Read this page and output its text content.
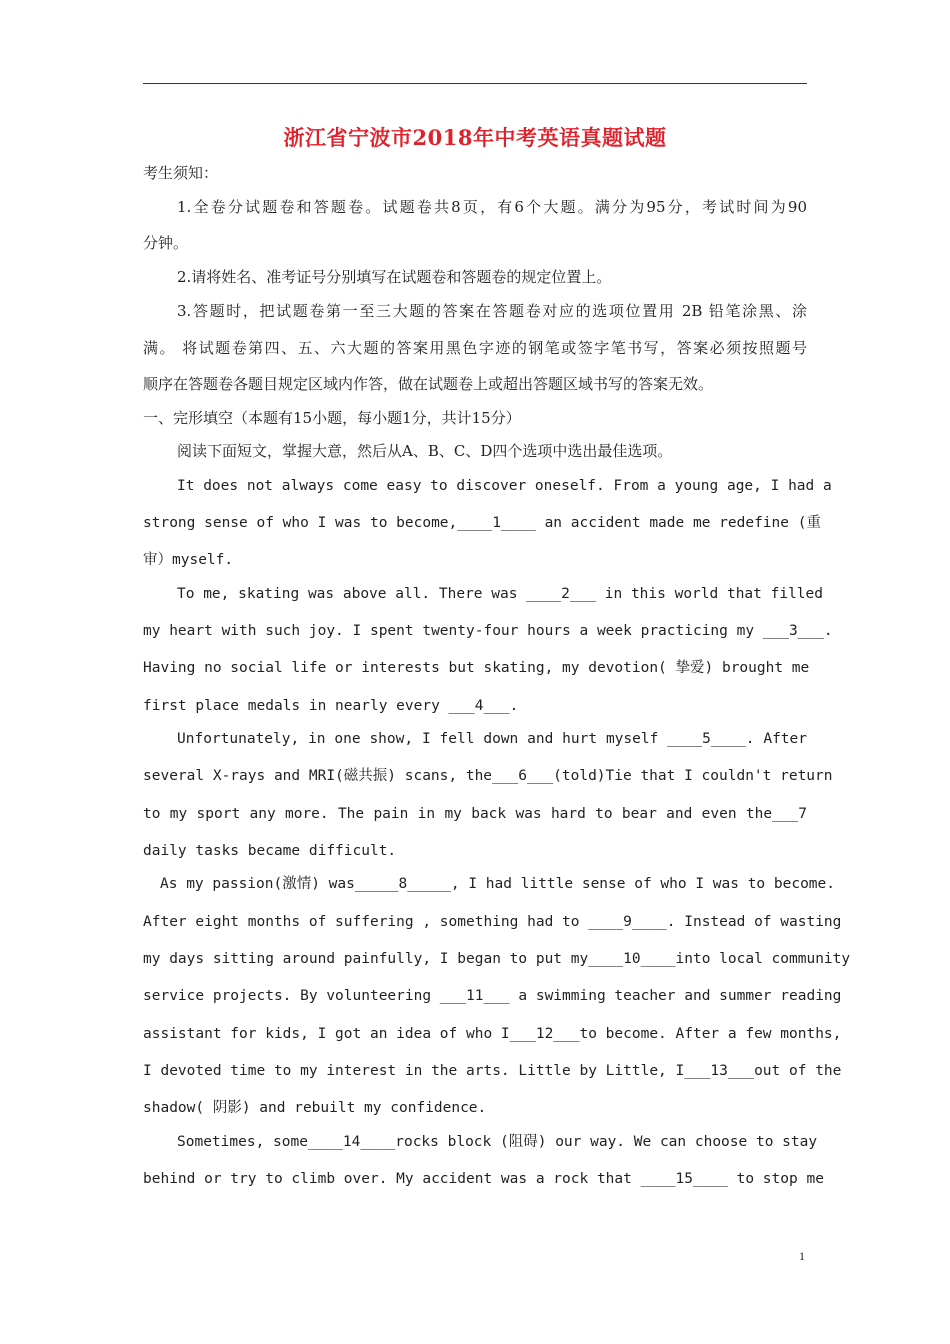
浙江省宁波市2018年中考英语真题试题
考生须知：
1.全卷分试题卷和答题卷。试题卷共8页，有6个大题。满分为95分，考试时间为90
分钟。
2.请将姓名、准考证号分别填写在试题卷和答题卷的规定位置上。
3.答题时，把试题卷第一至三大题的答案在答题卷对应的选项位置用 2B 铅笔涂黑、涂
满。 将试题卷第四、五、六大题的答案用黑色字迹的钢笔或签字笔书写，答案必须按照题号
顺序在答题卷各题目规定区域内作答，做在试题卷上或超出答题区域书写的答案无效。
一、完形填空（本题有15小题，每小题1分，共计15分）
阅读下面短文，掌握大意，然后从A、B、C、D四个选项中选出最佳选项。
It does not always come easy to discover oneself. From a young age, I had a
strong sense of who I was to become,____1____ an accident made me redefine (重
审）myself.
To me, skating was above all. There was ____2___ in this world that filled
my heart with such joy. I spent twenty-four hours a week practicing my ___3___.
Having no social life or interests but skating, my devotion( 挚爱) brought me
first place medals in nearly every ___4___.
Unfortunately, in one show, I fell down and hurt myself ____5____. After
several X-rays and MRI(磁共振) scans, the___6___(told)Tie that I couldn't return
to my sport any more. The pain in my back was hard to bear and even the___7
daily tasks became difficult.
As my passion(激情) was_____8_____, I had little sense of who I was to become.
After eight months of suffering , something had to ____9____. Instead of wasting
my days sitting around painfully, I began to put my____10____into local community
service projects. By volunteering ___11___ a swimming teacher and summer reading
assistant for kids, I got an idea of who I___12___to become. After a few months,
I devoted time to my interest in the arts. Little by Little, I___13___out of the
shadow( 阴影) and rebuilt my confidence.
Sometimes, some____14____rocks block (阻碍) our way. We can choose to stay
behind or try to climb over. My accident was a rock that ____15____ to stop me
1
